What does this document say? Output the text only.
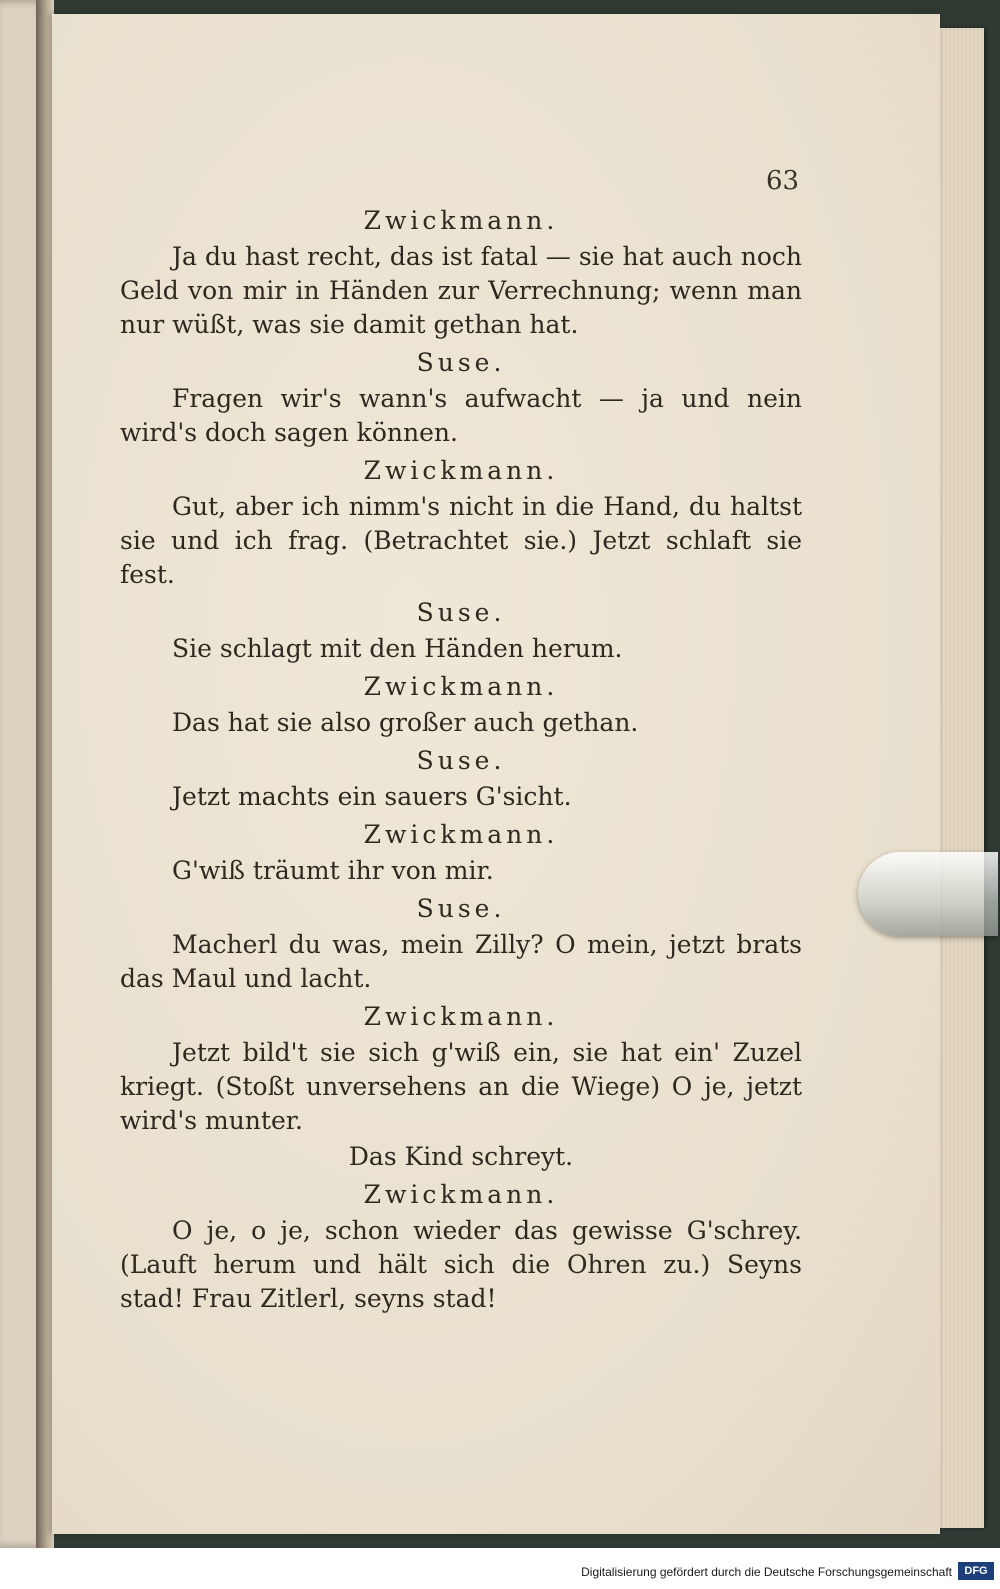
63
Zwickmann.

Ja du hast recht, das ist fatal — sie hat auch noch Geld von mir in Händen zur Verrechnung; wenn man nur wüßt, was sie damit gethan hat.

Suse.

Fragen wir's wann's aufwacht — ja und nein wird's doch sagen können.

Zwickmann.

Gut, aber ich nimm's nicht in die Hand, du haltst sie und ich frag. (Betrachtet sie.) Jetzt schlaft sie fest.

Suse.

Sie schlagt mit den Händen herum.

Zwickmann.

Das hat sie also großer auch gethan.

Suse.

Jetzt machts ein sauers G'sicht.

Zwickmann.

G'wiß träumt ihr von mir.

Suse.

Macherl du was, mein Zilly? O mein, jetzt brats das Maul und lacht.

Zwickmann.

Jetzt bild't sie sich g'wiß ein, sie hat ein' Zuzel kriegt. (Stoßt unversehens an die Wiege) O je, jetzt wird's munter.

Das Kind schreyt.
Zwickmann.

O je, o je, schon wieder das gewisse G'schrey. (Lauft herum und hält sich die Ohren zu.) Seyns stad! Frau Zitlerl, seyns stad!

Digitalisierung gefördert durch die Deutsche Forschungsgemeinschaft	DFG
